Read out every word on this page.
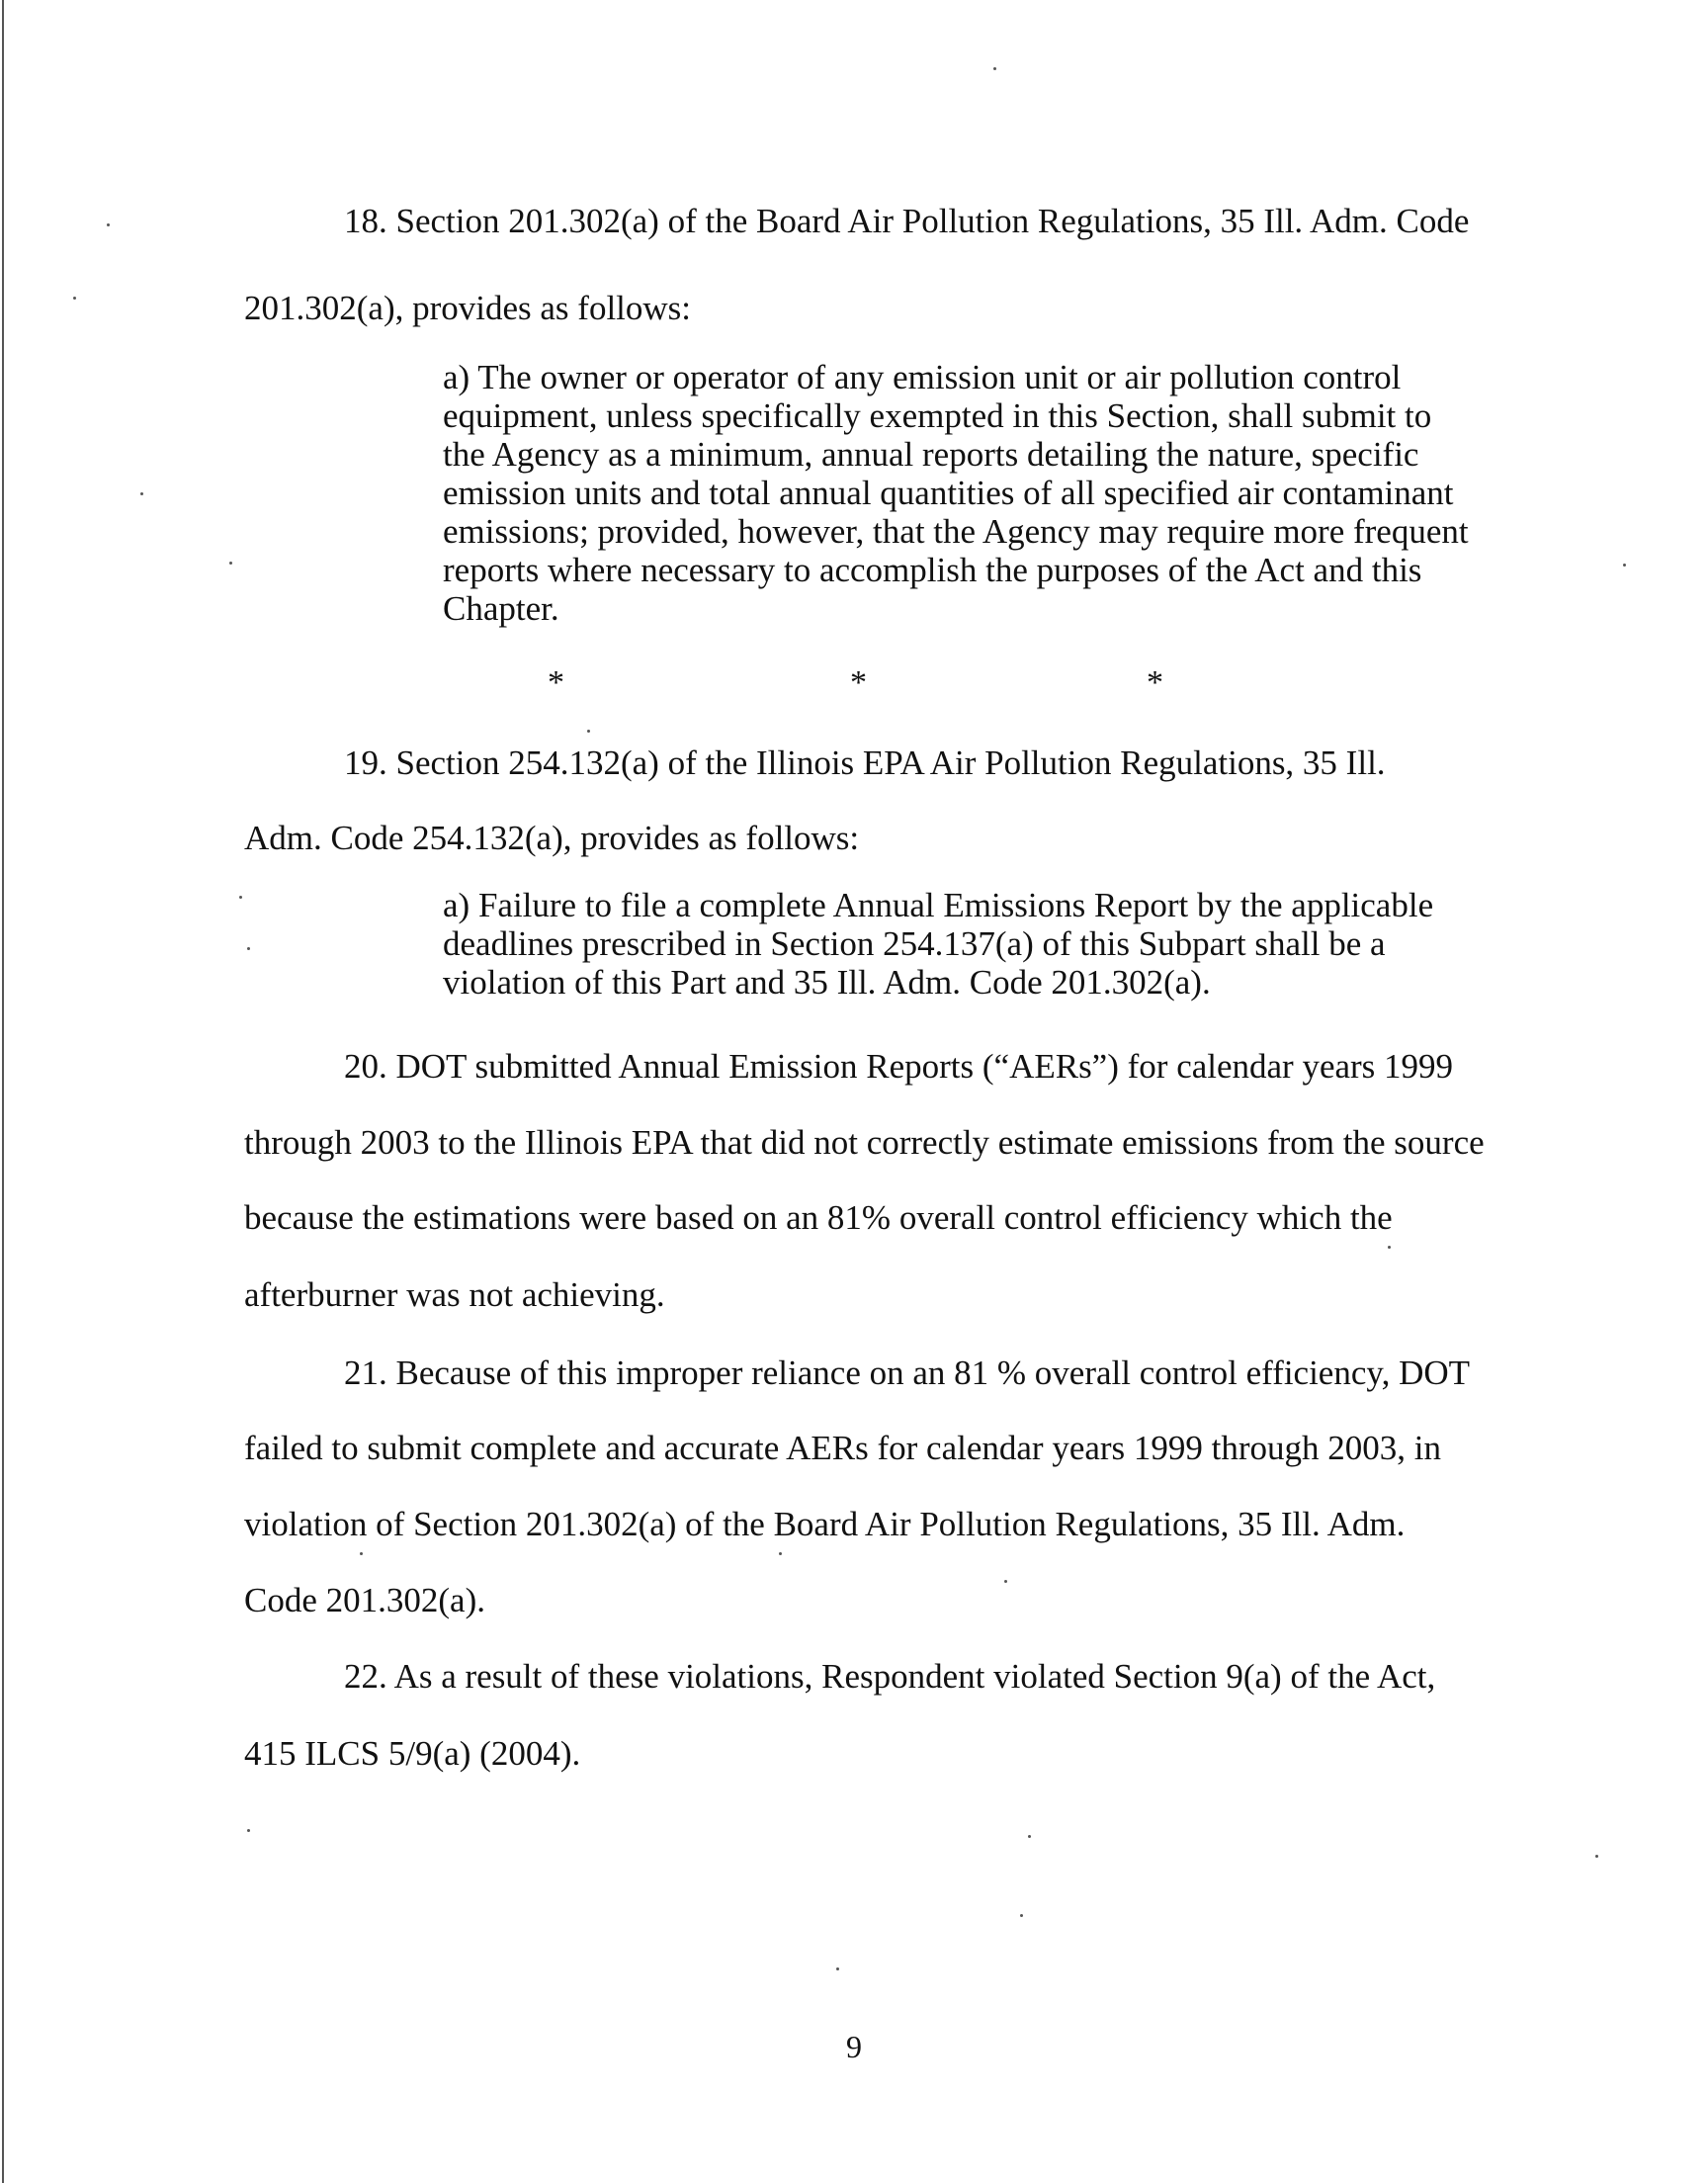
18. Section 201.302(a) of the Board Air Pollution Regulations, 35 Ill. Adm. Code
201.302(a), provides as follows:
a) The owner or operator of any emission unit or air pollution control
equipment, unless specifically exempted in this Section, shall submit to
the Agency as a minimum, annual reports detailing the nature, specific
emission units and total annual quantities of all specified air contaminant
emissions; provided, however, that the Agency may require more frequent
reports where necessary to accomplish the purposes of the Act and this
Chapter.
*	*	*
19. Section 254.132(a) of the Illinois EPA Air Pollution Regulations, 35 Ill.
Adm. Code 254.132(a), provides as follows:
a) Failure to file a complete Annual Emissions Report by the applicable
deadlines prescribed in Section 254.137(a) of this Subpart shall be a
violation of this Part and 35 Ill. Adm. Code 201.302(a).
20. DOT submitted Annual Emission Reports (“AERs”) for calendar years 1999
through 2003 to the Illinois EPA that did not correctly estimate emissions from the source
because the estimations were based on an 81% overall control efficiency which the
afterburner was not achieving.
21. Because of this improper reliance on an 81 % overall control efficiency, DOT
failed to submit complete and accurate AERs for calendar years 1999 through 2003, in
violation of Section 201.302(a) of the Board Air Pollution Regulations, 35 Ill. Adm.
Code 201.302(a).
22. As a result of these violations, Respondent violated Section 9(a) of the Act,
415 ILCS 5/9(a) (2004).
9
